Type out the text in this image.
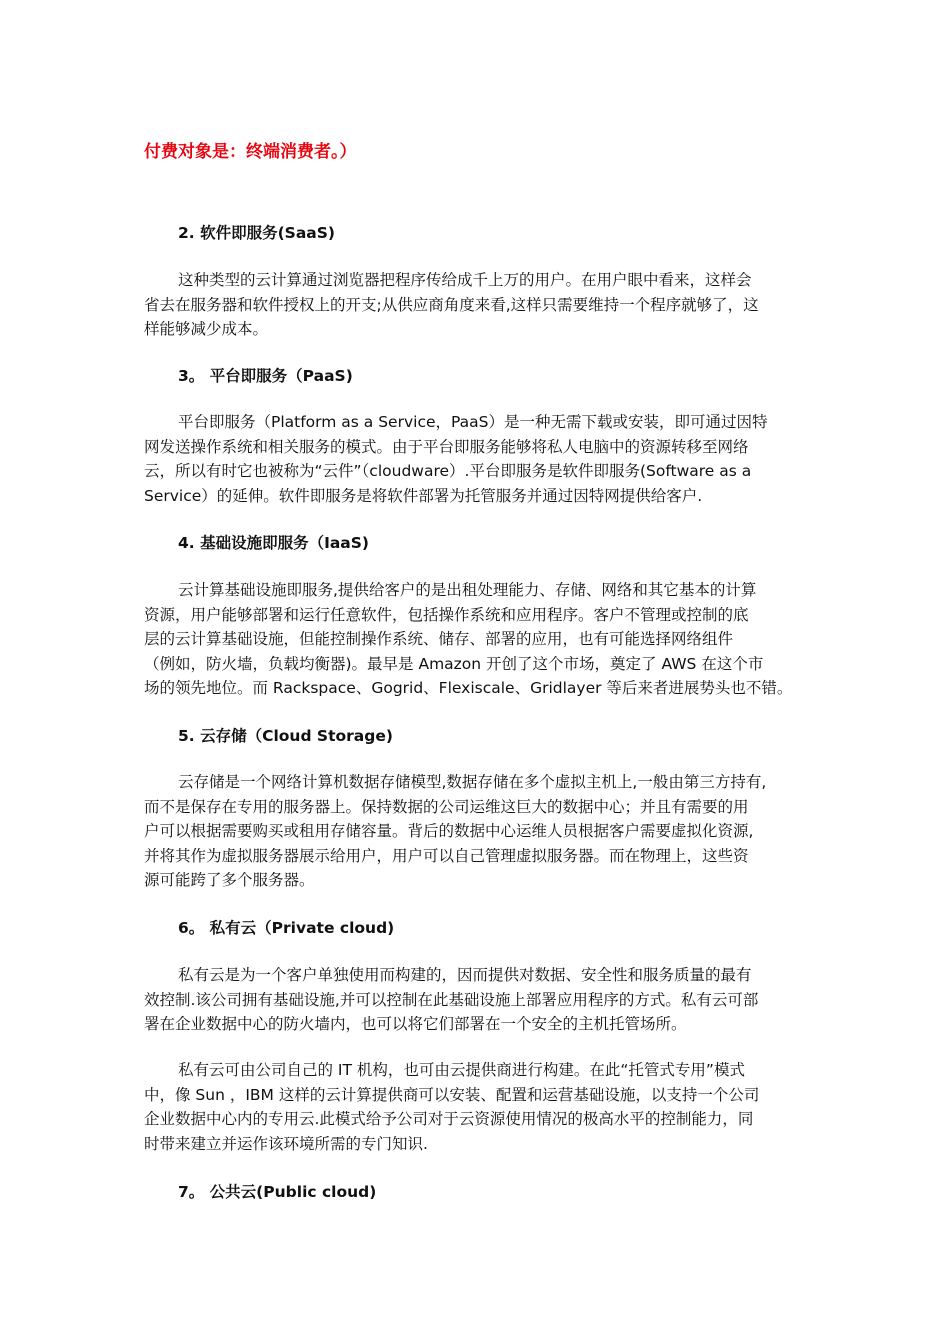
付费对象是：终端消费者。）
2. 软件即服务(SaaS)
这种类型的云计算通过浏览器把程序传给成千上万的用户。在用户眼中看来，这样会
省去在服务器和软件授权上的开支;从供应商角度来看,这样只需要维持一个程序就够了，这
样能够减少成本。
3。 平台即服务（PaaS)
平台即服务（Platform as a Service，PaaS）是一种无需下载或安装，即可通过因特
网发送操作系统和相关服务的模式。由于平台即服务能够将私人电脑中的资源转移至网络
云，所以有时它也被称为“云件”（cloudware）.平台即服务是软件即服务(Software as a
Service）的延伸。软件即服务是将软件部署为托管服务并通过因特网提供给客户.
4. 基础设施即服务（IaaS)
云计算基础设施即服务,提供给客户的是出租处理能力、存储、网络和其它基本的计算
资源，用户能够部署和运行任意软件，包括操作系统和应用程序。客户不管理或控制的底
层的云计算基础设施，但能控制操作系统、储存、部署的应用，也有可能选择网络组件
（例如，防火墙，负载均衡器)。最早是 Amazon 开创了这个市场，奠定了 AWS 在这个市
场的领先地位。而 Rackspace、Gogrid、Flexiscale、Gridlayer 等后来者进展势头也不错。
5. 云存储（Cloud Storage)
云存储是一个网络计算机数据存储模型,数据存储在多个虚拟主机上,一般由第三方持有,
而不是保存在专用的服务器上。保持数据的公司运维这巨大的数据中心；并且有需要的用
户可以根据需要购买或租用存储容量。背后的数据中心运维人员根据客户需要虚拟化资源,
并将其作为虚拟服务器展示给用户，用户可以自己管理虚拟服务器。而在物理上，这些资
源可能跨了多个服务器。
6。 私有云（Private cloud)
私有云是为一个客户单独使用而构建的，因而提供对数据、安全性和服务质量的最有
效控制.该公司拥有基础设施,并可以控制在此基础设施上部署应用程序的方式。私有云可部
署在企业数据中心的防火墙内，也可以将它们部署在一个安全的主机托管场所。
私有云可由公司自己的 IT 机构，也可由云提供商进行构建。在此“托管式专用”模式
中，像 Sun ，IBM 这样的云计算提供商可以安装、配置和运营基础设施，以支持一个公司
企业数据中心内的专用云.此模式给予公司对于云资源使用情况的极高水平的控制能力，同
时带来建立并运作该环境所需的专门知识.
7。 公共云(Public cloud)
